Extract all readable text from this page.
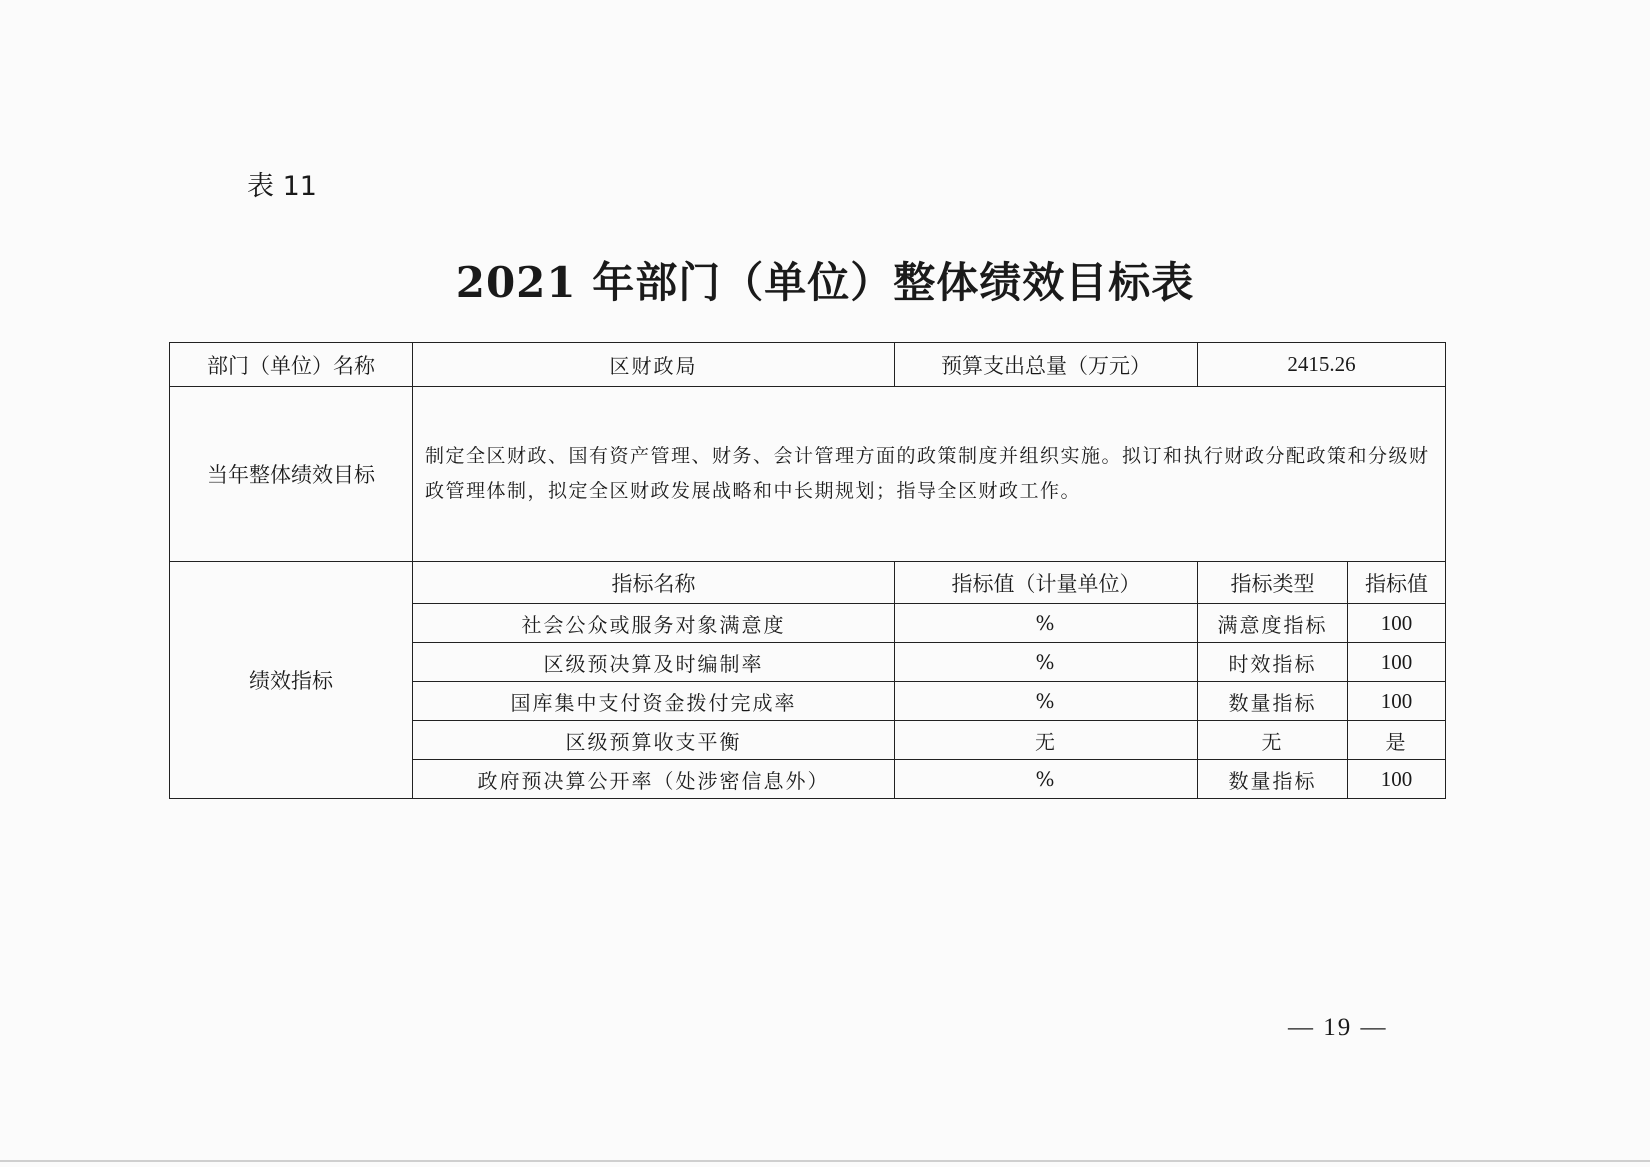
表 11
2021 年部门（单位）整体绩效目标表
部门（单位）名称	区财政局	预算支出总量（万元）	2415.26	
当年整体绩效目标	制定全区财政、国有资产管理、财务、会计管理方面的政策制度并组织实施。拟订和执行财政分配政策和分级财政管理体制，拟定全区财政发展战略和中长期规划；指导全区财政工作。			
绩效指标	指标名称	指标值（计量单位）	指标类型	指标值
	社会公众或服务对象满意度	%	满意度指标	100
	区级预决算及时编制率	%	时效指标	100
	国库集中支付资金拨付完成率	%	数量指标	100
	区级预算收支平衡	无	无	是
	政府预决算公开率（处涉密信息外）	%	数量指标	100
— 19 —
